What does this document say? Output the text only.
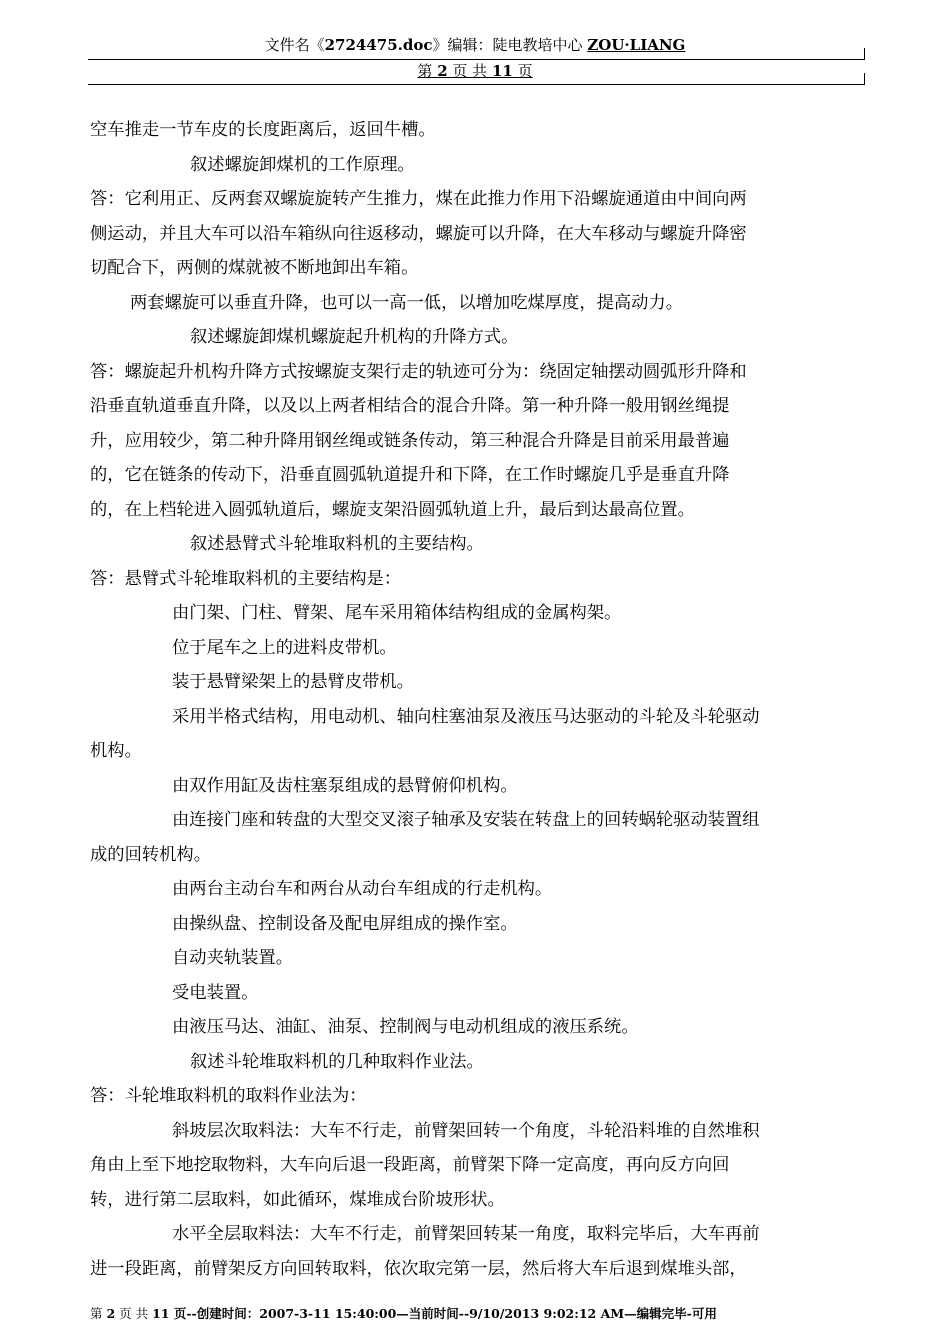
文件名《2724475.doc》编辑：陡电教培中心 ZOU·LIANG
第 2 页 共 11 页

空车推走一节车皮的长度距离后，返回牛槽。

叙述螺旋卸煤机的工作原理。

答：它利用正、反两套双螺旋旋转产生推力，煤在此推力作用下沿螺旋通道由中间向两

侧运动，并且大车可以沿车箱纵向往返移动，螺旋可以升降，在大车移动与螺旋升降密

切配合下，两侧的煤就被不断地卸出车箱。

两套螺旋可以垂直升降，也可以一高一低，以增加吃煤厚度，提高动力。

叙述螺旋卸煤机螺旋起升机构的升降方式。

答：螺旋起升机构升降方式按螺旋支架行走的轨迹可分为：绕固定轴摆动圆弧形升降和

沿垂直轨道垂直升降，以及以上两者相结合的混合升降。第一种升降一般用钢丝绳提

升，应用较少，第二种升降用钢丝绳或链条传动，第三种混合升降是目前采用最普遍

的，它在链条的传动下，沿垂直圆弧轨道提升和下降，在工作时螺旋几乎是垂直升降

的，在上档轮进入圆弧轨道后，螺旋支架沿圆弧轨道上升，最后到达最高位置。

叙述悬臂式斗轮堆取料机的主要结构。

答：悬臂式斗轮堆取料机的主要结构是：

由门架、门柱、臂架、尾车采用箱体结构组成的金属构架。

位于尾车之上的进料皮带机。

装于悬臂梁架上的悬臂皮带机。

采用半格式结构，用电动机、轴向柱塞油泵及液压马达驱动的斗轮及斗轮驱动

机构。

由双作用缸及齿柱塞泵组成的悬臂俯仰机构。

由连接门座和转盘的大型交叉滚子轴承及安装在转盘上的回转蜗轮驱动装置组

成的回转机构。

由两台主动台车和两台从动台车组成的行走机构。

由操纵盘、控制设备及配电屏组成的操作室。

自动夹轨装置。

受电装置。

由液压马达、油缸、油泵、控制阀与电动机组成的液压系统。

叙述斗轮堆取料机的几种取料作业法。

答：斗轮堆取料机的取料作业法为：

斜坡层次取料法：大车不行走，前臂架回转一个角度，斗轮沿料堆的自然堆积

角由上至下地挖取物料，大车向后退一段距离，前臂架下降一定高度，再向反方向回

转，进行第二层取料，如此循环，煤堆成台阶坡形状。

水平全层取料法：大车不行走，前臂架回转某一角度，取料完毕后，大车再前

进一段距离，前臂架反方向回转取料，依次取完第一层，然后将大车后退到煤堆头部，

第 2 页 共 11 页--创建时间：2007-3-11 15:40:00—当前时间--9/10/2013 9:02:12 AM—编辑完毕-可用
